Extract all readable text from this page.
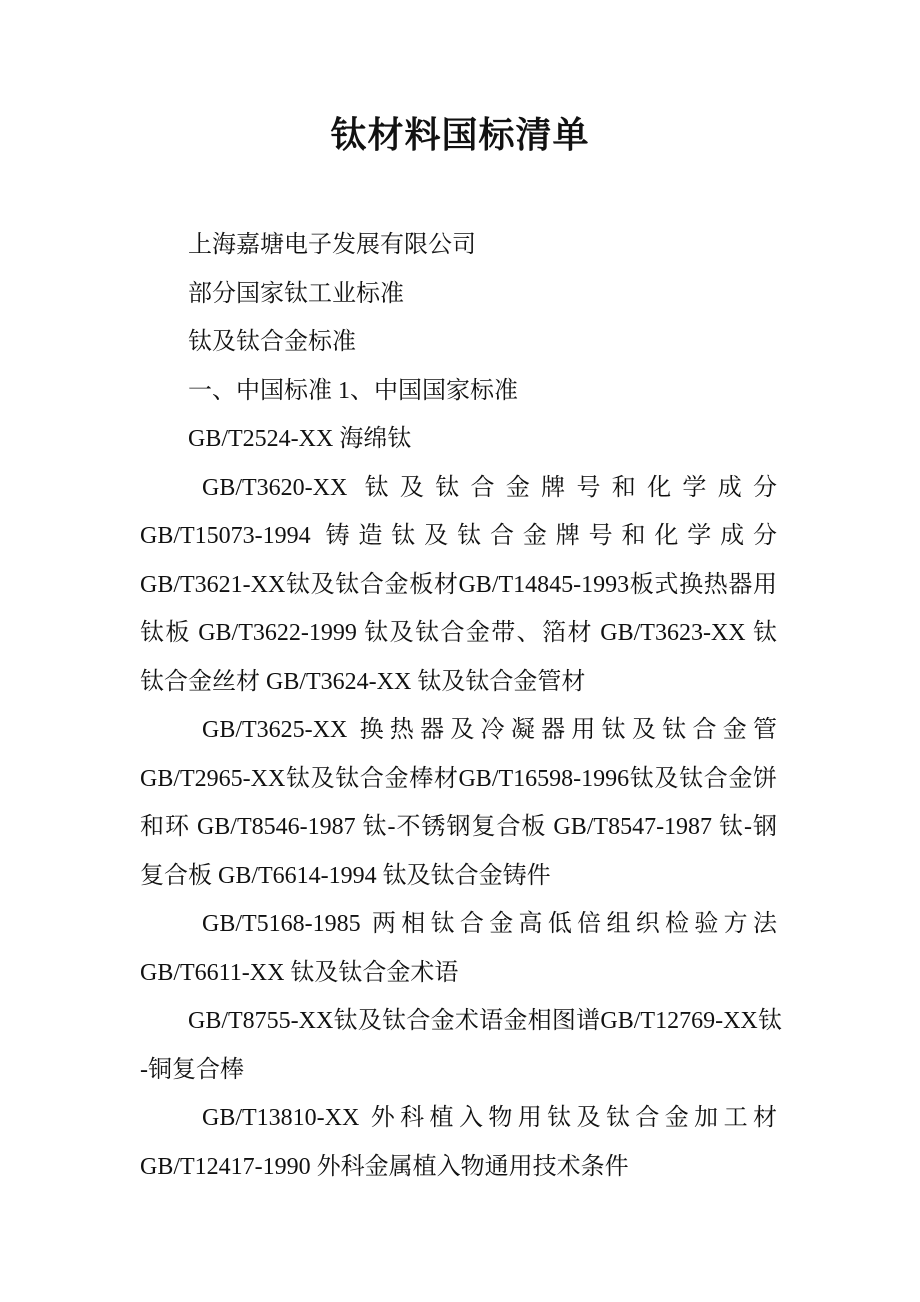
钛材料国标清单
上海嘉塘电子发展有限公司
部分国家钛工业标准
钛及钛合金标准
一、中国标准 1、中国国家标准
GB/T2524-XX 海绵钛
GB/T3620-XX 钛及钛合金牌号和化学成分
GB/T15073-1994 铸造钛及钛合金牌号和化学成分
GB/T3621-XX钛及钛合金板材GB/T14845-1993板式换热器用
钛板 GB/T3622-1999 钛及钛合金带、箔材 GB/T3623-XX 钛
钛合金丝材 GB/T3624-XX 钛及钛合金管材
GB/T3625-XX 换热器及冷凝器用钛及钛合金管
GB/T2965-XX钛及钛合金棒材GB/T16598-1996钛及钛合金饼
和环 GB/T8546-1987 钛-不锈钢复合板 GB/T8547-1987 钛-钢
复合板 GB/T6614-1994 钛及钛合金铸件
GB/T5168-1985 两相钛合金高低倍组织检验方法
GB/T6611-XX 钛及钛合金术语
GB/T8755-XX钛及钛合金术语金相图谱GB/T12769-XX钛
-铜复合棒
GB/T13810-XX 外科植入物用钛及钛合金加工材
GB/T12417-1990 外科金属植入物通用技术条件
